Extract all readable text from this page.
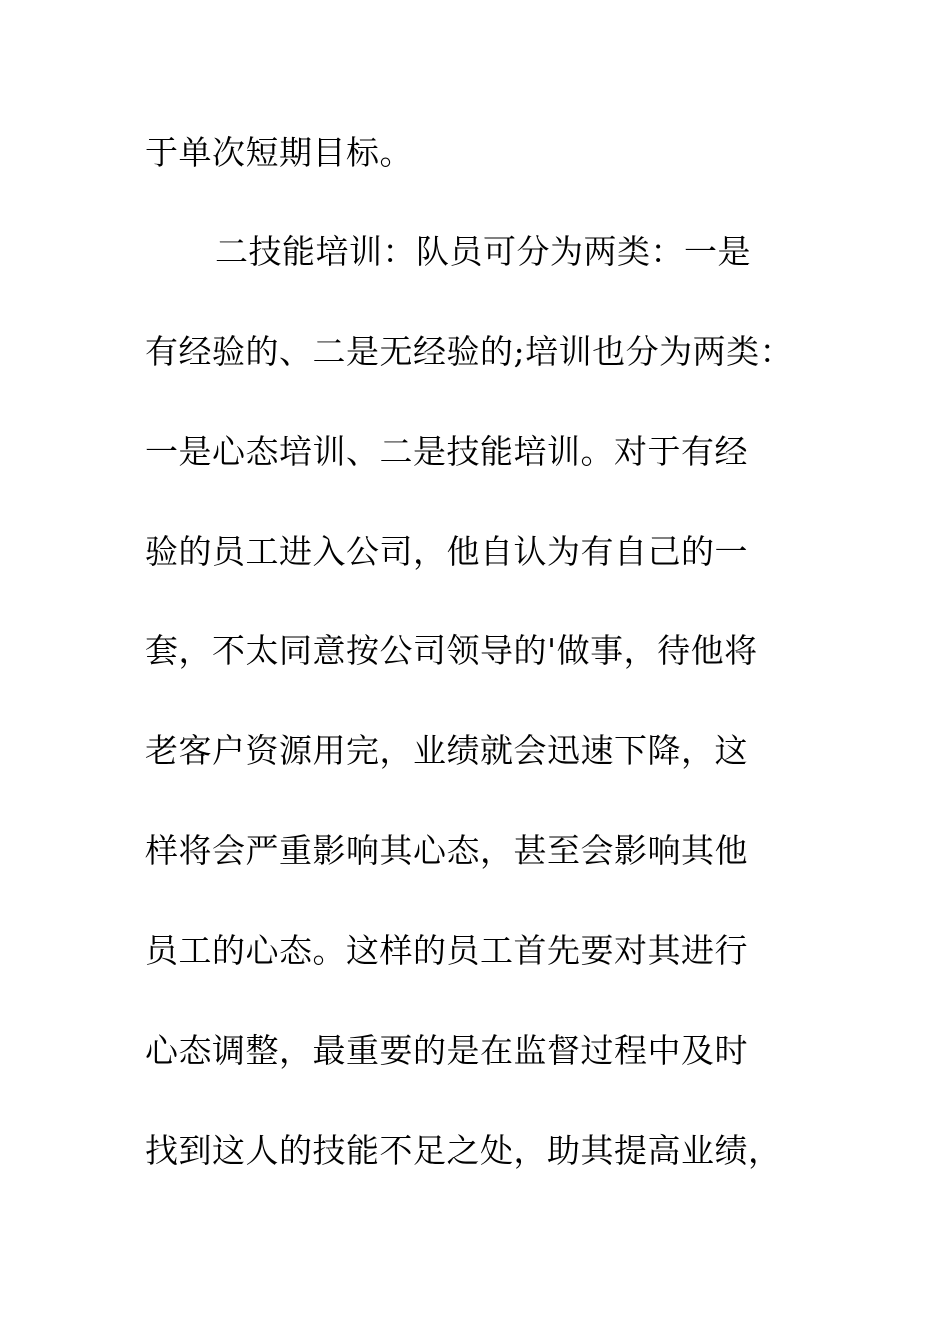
于单次短期目标。
二技能培训：队员可分为两类：一是
有经验的、二是无经验的;培训也分为两类：
一是心态培训、二是技能培训。对于有经
验的员工进入公司，他自认为有自己的一
套，不太同意按公司领导的'做事，待他将
老客户资源用完，业绩就会迅速下降，这
样将会严重影响其心态，甚至会影响其他
员工的心态。这样的员工首先要对其进行
心态调整，最重要的是在监督过程中及时
找到这人的技能不足之处，助其提高业绩，
